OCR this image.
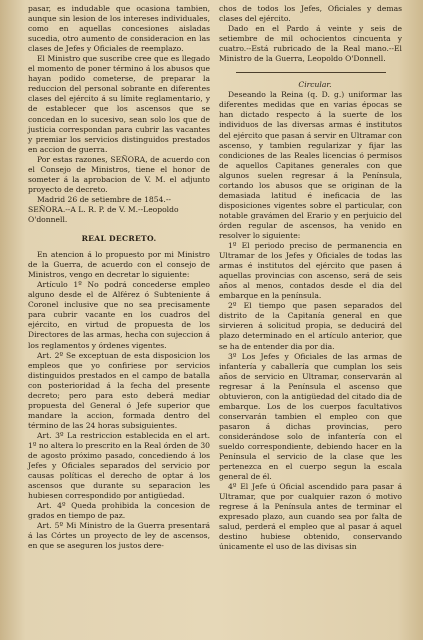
pasar, es indudable que ocasiona tambien, aunque sin lesion de los intereses individuales, como en aquellas concesiones aisladas sucedia, otro aumento de consideracion en las clases de Jefes y Oficiales de reemplazo.

El Ministro que suscribe cree que es llegado el momento de poner término á los abusos que hayan podido cometerse, de preparar la reduccion del personal sobrante en diferentes clases del ejército á su límite reglamentario, y de establecer que los ascensos que se concedan en lo sucesivo, sean solo los que de justicia correspondan para cubrir las vacantes y premiar los servicios distinguidos prestados en accion de guerra.

Por estas razones, SEÑORA, de acuerdo con el Consejo de Ministros, tiene el honor de someter á la aprobacion de V. M. el adjunto proyecto de decreto.

Madrid 26 de setiembre de 1854.--SEÑORA.--A L. R. P. de V. M.--Leopoldo O'donnell.

REAL DECRETO.

En atencion á lo propuesto por mi Ministro de la Guerra, de acuerdo con el consejo de Ministros, vengo en decretar lo siguiente:

Artículo 1º No podrá concederse empleo alguno desde el de Alférez ó Subteniente á Coronel inclusive que no sea precisamente para cubrir vacante en los cuadros del ejército, en virtud de propuesta de los Directores de las armas, hecha con sujeccion á los reglamentos y órdenes vigentes.

Art. 2º Se exceptuan de esta disposicion los empleos que yo confiriese por servicios distinguidos prestados en el campo de batalla con posterioridad á la fecha del presente decreto; pero para esto deberá mediar propuesta del General ó Jefe superior que mandare la accion, formada dentro del término de las 24 horas subsiguientes.

Art. 3º La restriccion establecida en el art. 1º no altera lo prescrito en la Real órden de 30 de agosto próximo pasado, concediendo á los Jefes y Oficiales separados del servicio por causas políticas el derecho de optar á los ascensos que durante su separacion les hubiesen correspondido por antigüedad.

Art. 4º Queda prohibida la concesion de grados en tiempo de paz.

Art. 5º Mi Ministro de la Guerra presentará á las Córtes un proyecto de ley de ascensos, en que se aseguren los justos dere-

chos de todos los Jefes, Oficiales y demas clases del ejército.

Dado en el Pardo á veinte y seis de setiembre de mil ochocientos cincuenta y cuatro.--Está rubricado de la Real mano.--El Ministro de la Guerra, Leopoldo O'Donnell.

Circular.

Deseando la Reina (q. D. g.) uniformar las diferentes medidas que en varias épocas se han dictado respecto á la suerte de los individuos de las diversas armas é institutos del ejército que pasan á servir en Ultramar con ascenso, y tambien regularizar y fijar las condiciones de las Reales licencias ó permisos de aquellos Capitanes generales con que algunos suelen regresar á la Península, cortando los abusos que se originan de la demasiada latitud é ineficacia de las disposiciones vigentes sobre el particular, con notable gravámen del Erario y en perjuicio del órden regular de ascensos, ha venido en resolver lo siguiente:

1º El periodo preciso de permanencia en Ultramar de los Jefes y Oficiales de todas las armas é institutos del ejército que pasen á aquellas provincias con ascenso, será de seis años al menos, contados desde el dia del embarque en la península.

2º El tiempo que pasen separados del distrito de la Capitanía general en que sirvieren á solicitud propia, se deducirá del plazo determinado en el artículo anterior, que se ha de entender dia por dia.

3º Los Jefes y Oficiales de las armas de infantería y caballería que cumplan los seis años de servicio en Ultramar, conservarán al regresar á la Península el ascenso que obtuvieron, con la antigüedad del citado dia de embarque. Los de los cuerpos facultativos conservarán tambien el empleo con que pasaron á dichas provincias, pero considerándose solo de infantería con el sueldo correspondiente, debiendo hacer en la Península el servicio de la clase que les pertenezca en el cuerpo segun la escala general de él.

4º El Jefe ú Oficial ascendido para pasar á Ultramar, que por cualquier razon ó motivo regrese á la Península antes de terminar el expresado plazo, aun cuando sea por falta de salud, perderá el empleo que al pasar á aquel destino hubiese obtenido, conservando únicamente el uso de las divisas sin
